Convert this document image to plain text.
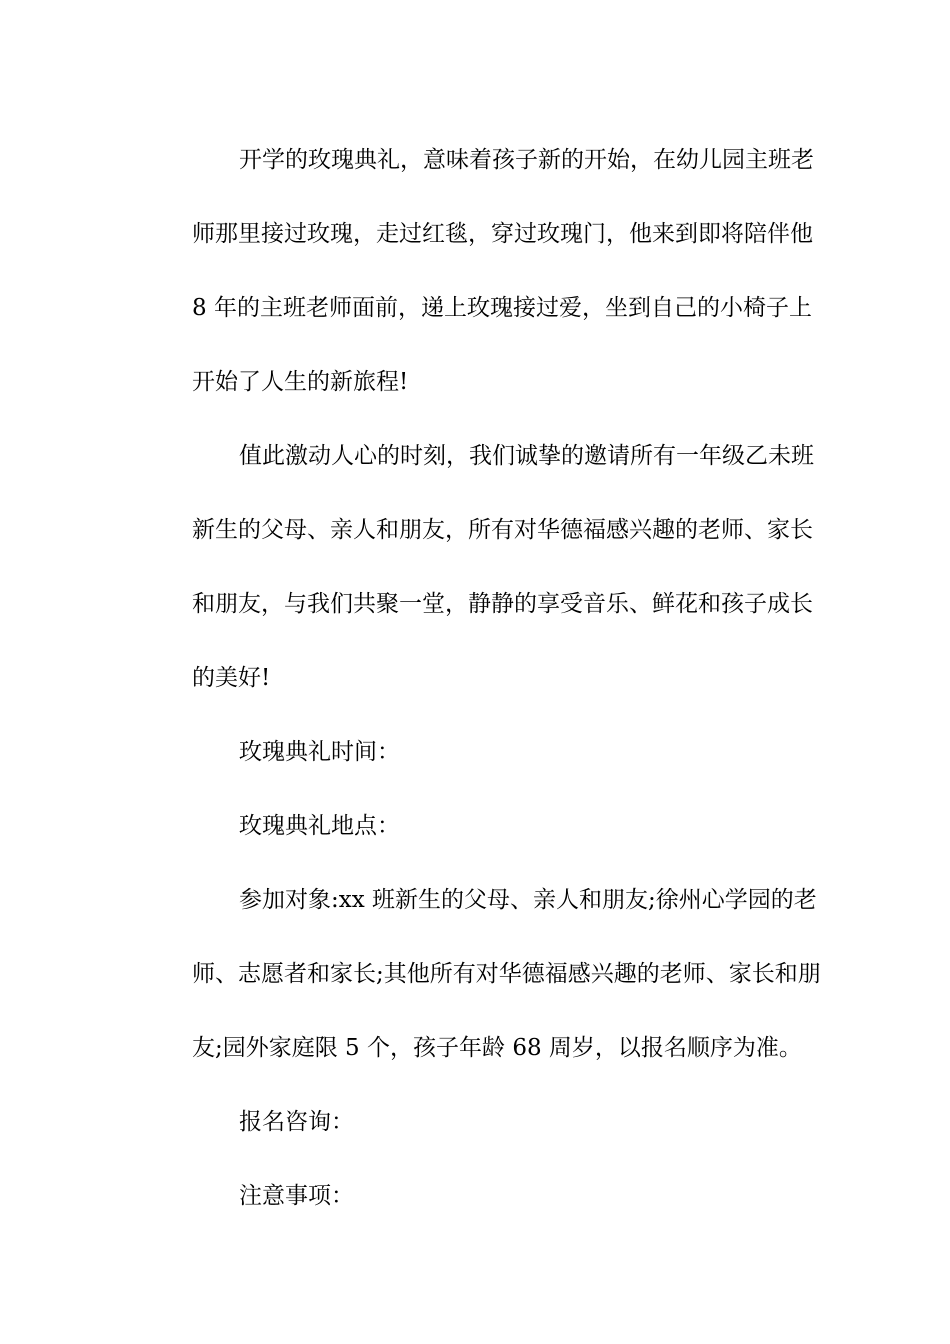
开学的玫瑰典礼，意味着孩子新的开始，在幼儿园主班老
师那里接过玫瑰，走过红毯，穿过玫瑰门，他来到即将陪伴他
8 年的主班老师面前，递上玫瑰接过爱，坐到自己的小椅子上
开始了人生的新旅程!
值此激动人心的时刻，我们诚挚的邀请所有一年级乙未班
新生的父母、亲人和朋友，所有对华德福感兴趣的老师、家长
和朋友，与我们共聚一堂，静静的享受音乐、鲜花和孩子成长
的美好!
玫瑰典礼时间：
玫瑰典礼地点：
参加对象:xx 班新生的父母、亲人和朋友;徐州心学园的老
师、志愿者和家长;其他所有对华德福感兴趣的老师、家长和朋
友;园外家庭限 5 个，孩子年龄 68 周岁，以报名顺序为准。
报名咨询：
注意事项：
